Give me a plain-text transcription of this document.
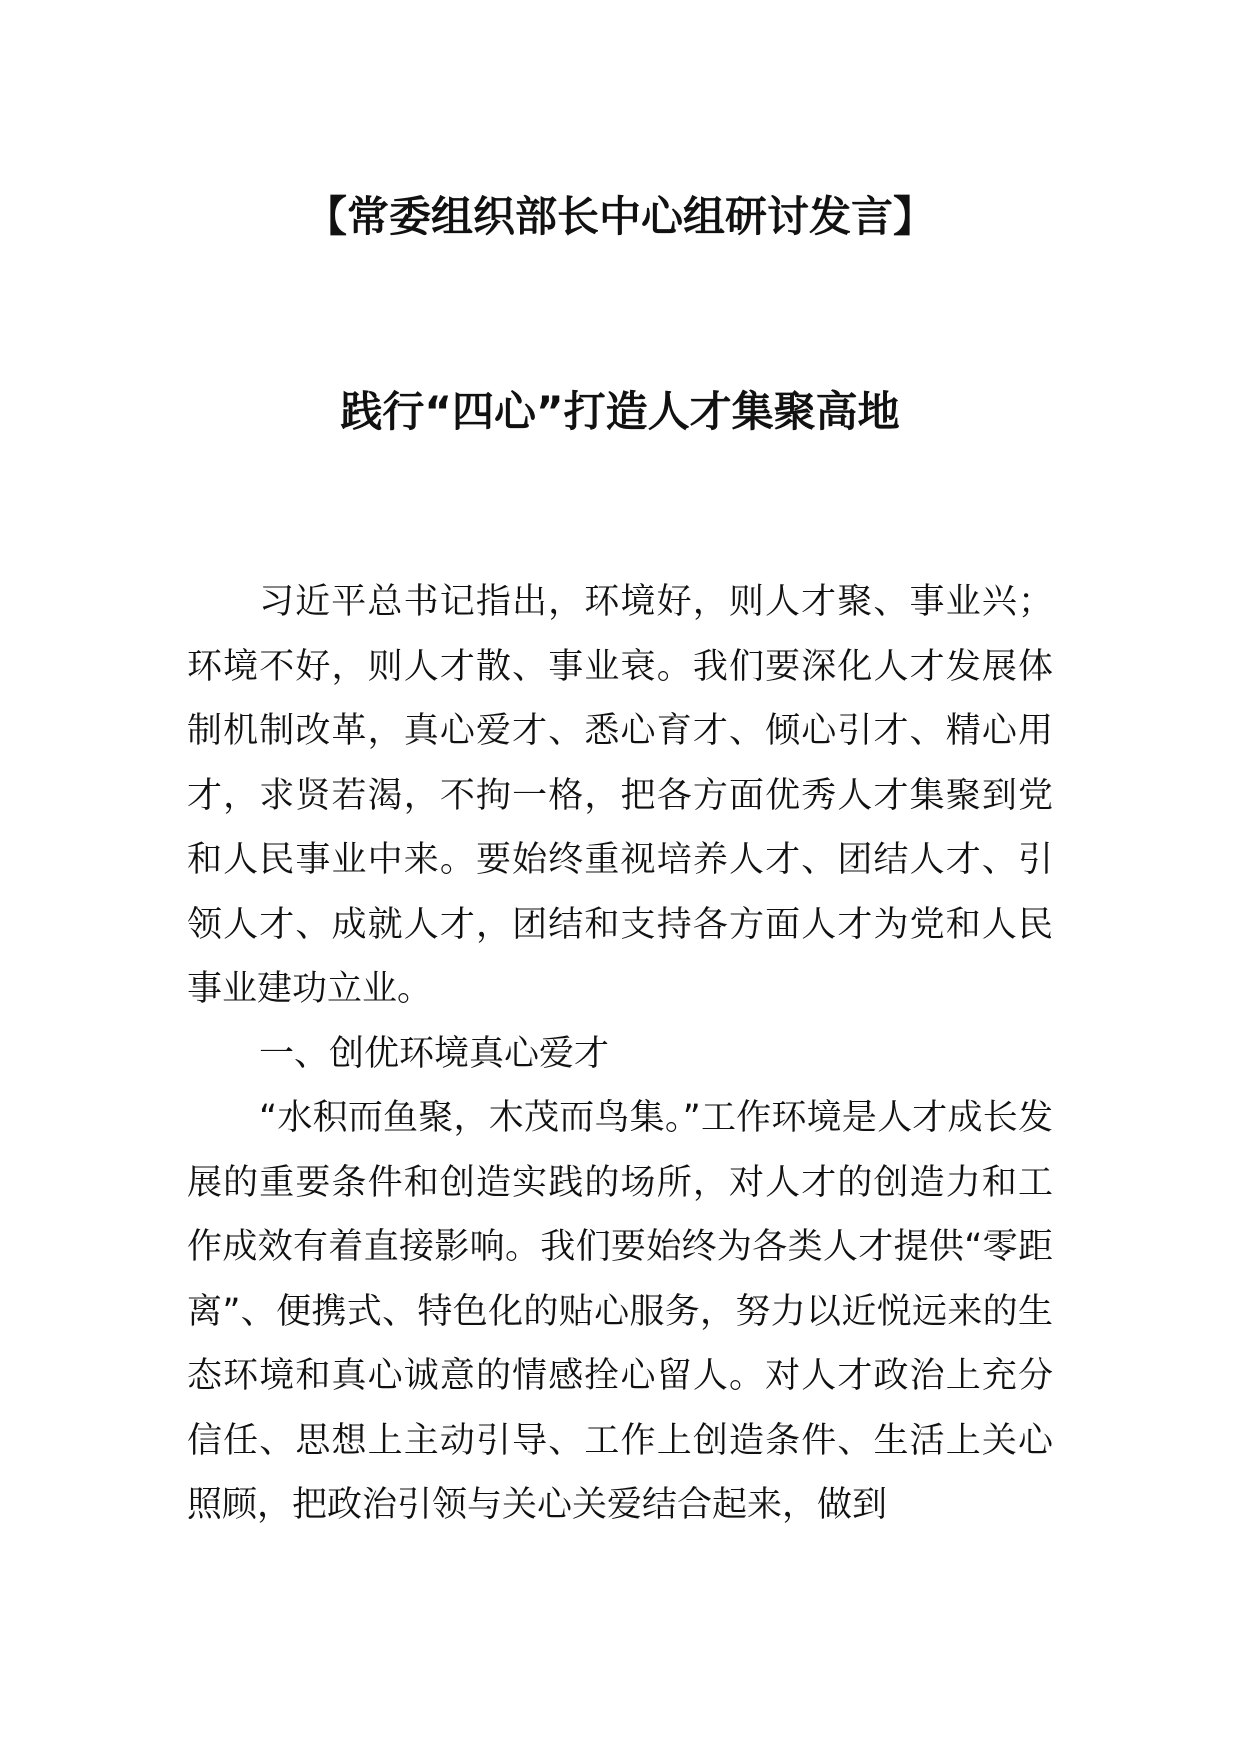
【常委组织部长中心组研讨发言】
践行“四心”打造人才集聚高地

习近平总书记指出，环境好，则人才聚、事业兴；环境不好，则人才散、事业衰。我们要深化人才发展体制机制改革，真心爱才、悉心育才、倾心引才、精心用才，求贤若渴，不拘一格，把各方面优秀人才集聚到党和人民事业中来。要始终重视培养人才、团结人才、引领人才、成就人才，团结和支持各方面人才为党和人民事业建功立业。

一、创优环境真心爱才

“水积而鱼聚，木茂而鸟集。”工作环境是人才成长发展的重要条件和创造实践的场所，对人才的创造力和工作成效有着直接影响。我们要始终为各类人才提供“零距离”、便携式、特色化的贴心服务，努力以近悦远来的生态环境和真心诚意的情感拴心留人。对人才政治上充分信任、思想上主动引导、工作上创造条件、生活上关心照顾，把政治引领与关心关爱结合起来，做到
